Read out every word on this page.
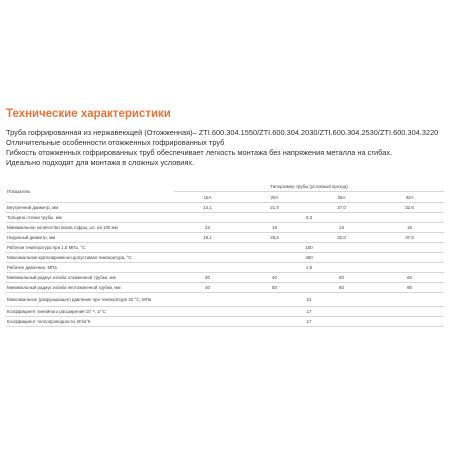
Технические характеристики
Труба гофрированная из нержавеющей (Отожженная)– ZTI.600.304.1550/ZTI.600.304.2030/ZTI.600.304.2530/ZTI.600.304.3220
Отличительные особенности отожженных гофрированных труб
Гибкость отожженных гофрированных труб обеспечивает легкость монтажа без напряжения металла на сгибах.
Идеально подходят для монтажа в сложных условиях.
Показатель	Типоразмер трубы (условный проход)			
	15А	20А	25А	32А
Внутренний диаметр, мм	14,1	21,0	27,0	32,6
Толщина стенки трубы, мм	0,3			
Минимальное количество пиков гофры, шт. на 100 мм	23	19	18	16
Наружный диаметр, мм	18,1	25,6	32,0	37,6
Рабочая температура при 1,5 МПа, °С	150			
Максимальная кратковременно допустимая температура, °С	460			
Рабочее давление, МПа	1,5			
Минимальный радиус изгиба отожженной трубки, мм	30	40	50	60
Минимальный радиус изгиба неотожженной трубки, мм	40	50	60	90
Максимальное (разрушающее) давление при температуре 20 °С, МПа	21			
Коэффициент линейного расширения 10⁻⁶, 1/°С	17			
Коэффициент теплопроводности, Вт/м°К	17			
